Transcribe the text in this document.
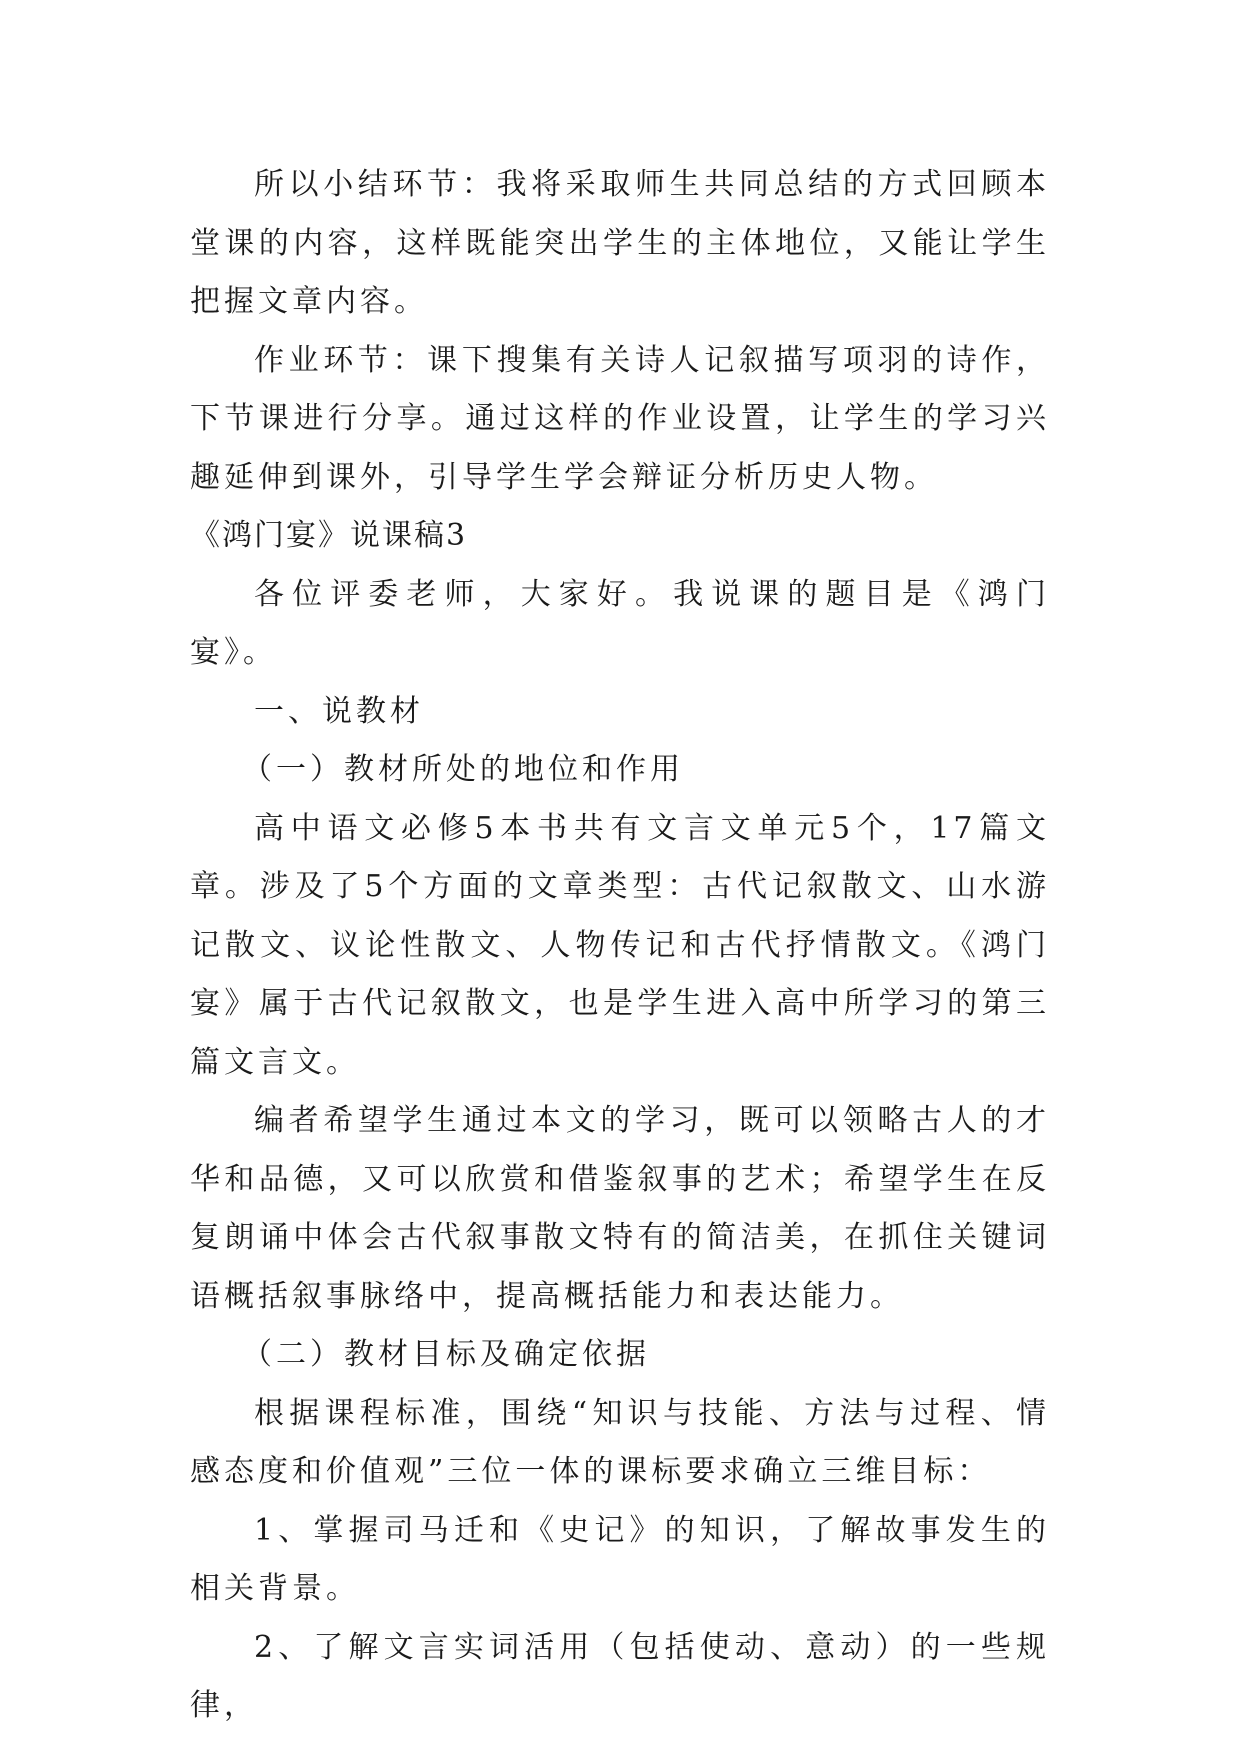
所以小结环节：我将采取师生共同总结的方式回顾本堂课的内容，这样既能突出学生的主体地位，又能让学生把握文章内容。

作业环节：课下搜集有关诗人记叙描写项羽的诗作，下节课进行分享。通过这样的作业设置，让学生的学习兴趣延伸到课外，引导学生学会辩证分析历史人物。

《鸿门宴》说课稿3

各位评委老师，大家好。我说课的题目是《鸿门宴》。

一、说教材

（一）教材所处的地位和作用

高中语文必修5本书共有文言文单元5个，17篇文章。涉及了5个方面的文章类型：古代记叙散文、山水游记散文、议论性散文、人物传记和古代抒情散文。《鸿门宴》属于古代记叙散文，也是学生进入高中所学习的第三篇文言文。

编者希望学生通过本文的学习，既可以领略古人的才华和品德，又可以欣赏和借鉴叙事的艺术；希望学生在反复朗诵中体会古代叙事散文特有的简洁美，在抓住关键词语概括叙事脉络中，提高概括能力和表达能力。

（二）教材目标及确定依据

根据课程标准，围绕“知识与技能、方法与过程、情感态度和价值观”三位一体的课标要求确立三维目标：

1、掌握司马迁和《史记》的知识，了解故事发生的相关背景。

2、了解文言实词活用（包括使动、意动）的一些规律，
